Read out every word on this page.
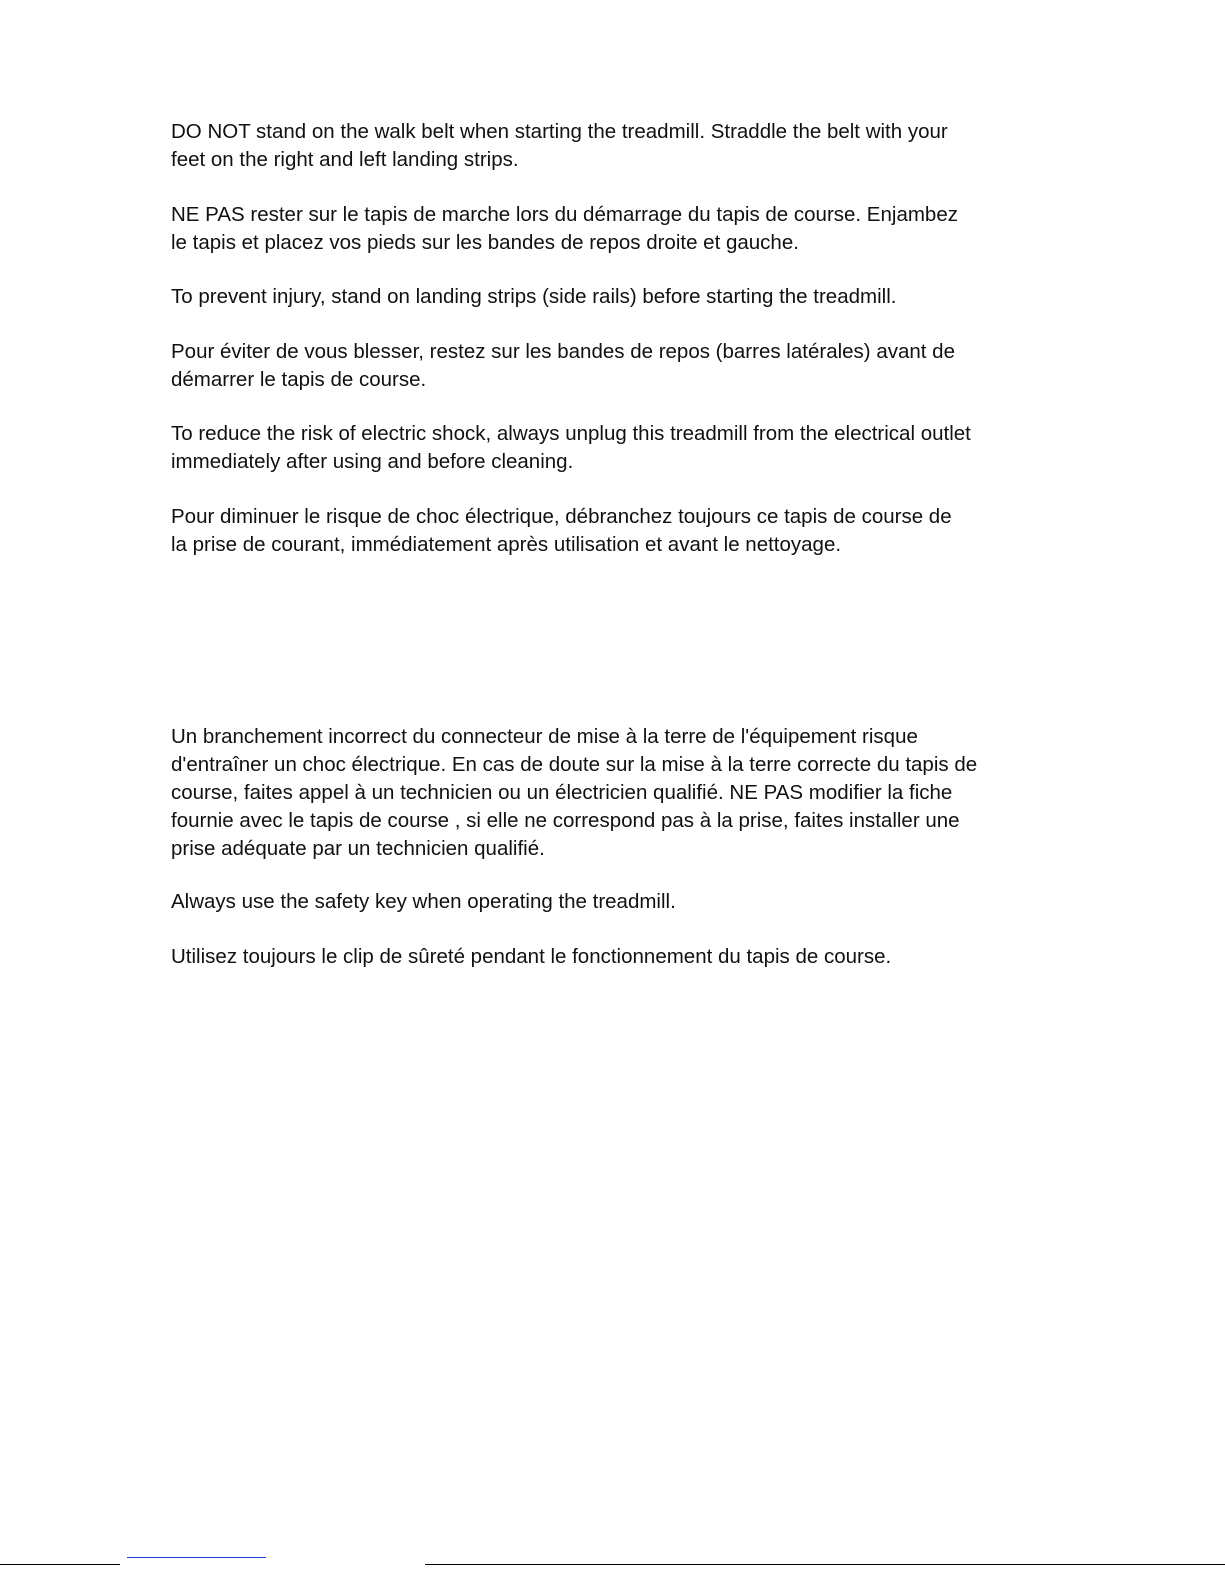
DO NOT stand on the walk belt when starting the treadmill. Straddle the belt with your
feet on the right and left landing strips.

NE PAS rester sur le tapis de marche lors du démarrage du tapis de course. Enjambez
le tapis et placez vos pieds sur les bandes de repos droite et gauche.

To prevent injury, stand on landing strips (side rails) before starting the treadmill.

Pour éviter de vous blesser, restez sur les bandes de repos (barres latérales) avant de
démarrer le tapis de course.

To reduce the risk of electric shock, always unplug this treadmill from the electrical outlet
immediately after using and before cleaning.

Pour diminuer le risque de choc électrique, débranchez toujours ce tapis de course de
la prise de courant, immédiatement après utilisation et avant le nettoyage.

Un branchement incorrect du connecteur de mise à la terre de l'équipement risque
d'entraîner un choc électrique. En cas de doute sur la mise à la terre correcte du tapis de
course, faites appel à un technicien ou un électricien qualifié. NE PAS modifier la fiche
fournie avec le tapis de course , si elle ne correspond pas à la prise, faites installer une
prise adéquate par un technicien qualifié.

Always use the safety key when operating the treadmill.

Utilisez toujours le clip de sûreté pendant le fonctionnement du tapis de course.
